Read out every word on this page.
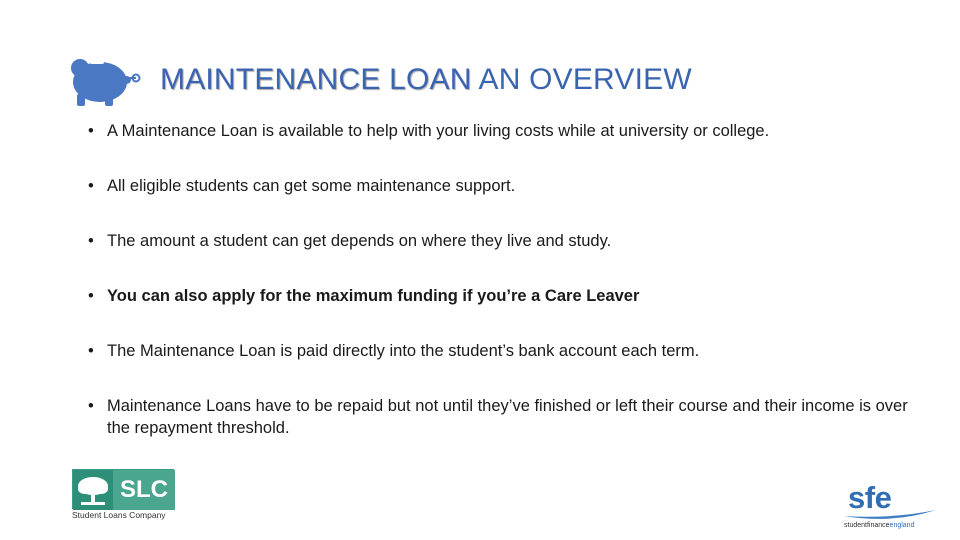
MAINTENANCE LOAN AN OVERVIEW
• A Maintenance Loan is available to help with your living costs while at university or college.
• All eligible students can get some maintenance support.
• The amount a student can get depends on where they live and study.
• You can also apply for the maximum funding if you’re a Care Leaver
• The Maintenance Loan is paid directly into the student’s bank account each term.
• Maintenance Loans have to be repaid but not until they’ve finished or left their course and their income is over the repayment threshold.
SLC
Student Loans Company	sfe
studentfinanceengland
